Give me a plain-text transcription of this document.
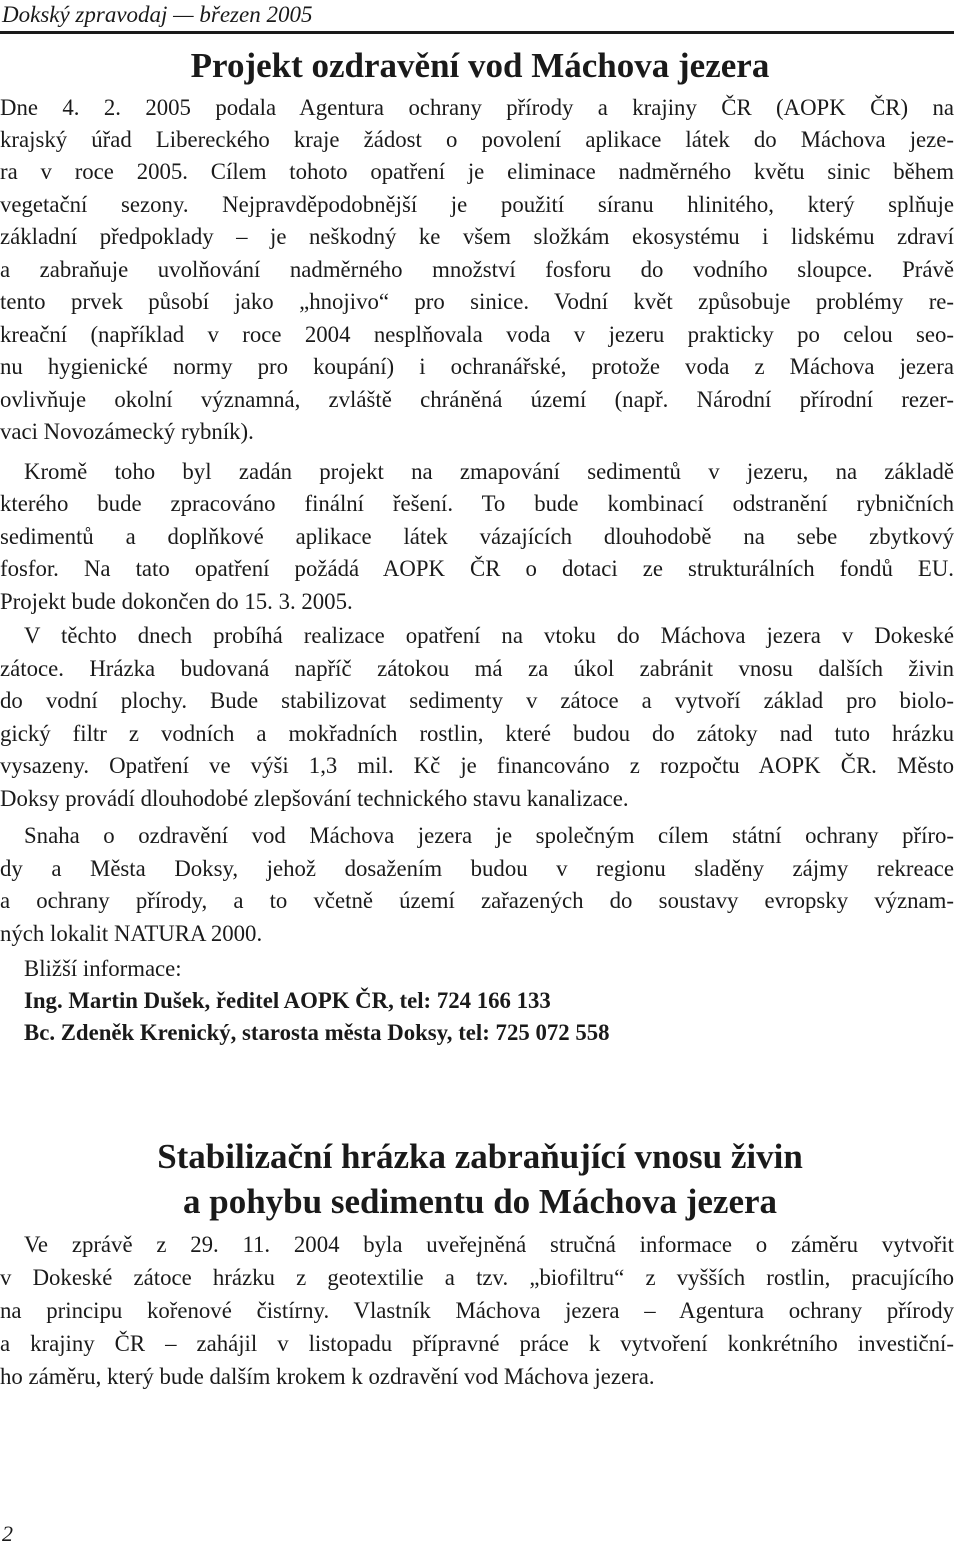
Dokský zpravodaj — březen 2005
Projekt ozdravění vod Máchova jezera
Dne 4. 2. 2005 podala Agentura ochrany přírody a krajiny ČR (AOPK ČR) na
krajský úřad Libereckého kraje žádost o povolení aplikace látek do Máchova jeze-
ra v roce 2005. Cílem tohoto opatření je eliminace nadměrného květu sinic během
vegetační sezony. Nejpravděpodobnější je použití síranu hlinitého, který splňuje
základní předpoklady – je neškodný ke všem složkám ekosystému i lidskému zdraví
a zabraňuje uvolňování nadměrného množství fosforu do vodního sloupce. Právě
tento prvek působí jako „hnojivo“ pro sinice. Vodní květ způsobuje problémy re-
kreační (například v roce 2004 nesplňovala voda v jezeru prakticky po celou seo-
nu hygienické normy pro koupání) i ochranářské, protože voda z Máchova jezera
ovlivňuje okolní významná, zvláště chráněná území (např. Národní přírodní rezer-
vaci Novozámecký rybník).
Kromě toho byl zadán projekt na zmapování sedimentů v jezeru, na základě
kterého bude zpracováno finální řešení. To bude kombinací odstranění rybničních
sedimentů a doplňkové aplikace látek vázajících dlouhodobě na sebe zbytkový
fosfor. Na tato opatření požádá AOPK ČR o dotaci ze strukturálních fondů EU.
Projekt bude dokončen do 15. 3. 2005.
V těchto dnech probíhá realizace opatření na vtoku do Máchova jezera v Dokeské
zátoce. Hrázka budovaná napříč zátokou má za úkol zabránit vnosu dalších živin
do vodní plochy. Bude stabilizovat sedimenty v zátoce a vytvoří základ pro biolo-
gický filtr z vodních a mokřadních rostlin, které budou do zátoky nad tuto hrázku
vysazeny. Opatření ve výši 1,3 mil. Kč je financováno z rozpočtu AOPK ČR. Město
Doksy provádí dlouhodobé zlepšování technického stavu kanalizace.
Snaha o ozdravění vod Máchova jezera je společným cílem státní ochrany příro-
dy a Města Doksy, jehož dosažením budou v regionu sladěny zájmy rekreace
a ochrany přírody, a to včetně území zařazených do soustavy evropsky význam-
ných lokalit NATURA 2000.
Bližší informace:
Ing. Martin Dušek, ředitel AOPK ČR, tel: 724 166 133
Bc. Zdeněk Krenický, starosta města Doksy, tel: 725 072 558
Stabilizační hrázka zabraňující vnosu živin
a pohybu sedimentu do Máchova jezera
Ve zprávě z 29. 11. 2004 byla uveřejněná stručná informace o záměru vytvořit
v Dokeské zátoce hrázku z geotextilie a tzv. „biofiltru“ z vyšších rostlin, pracujícího
na principu kořenové čistírny. Vlastník Máchova jezera – Agentura ochrany přírody
a krajiny ČR – zahájil v listopadu přípravné práce k vytvoření konkrétního investiční-
ho záměru, který bude dalším krokem k ozdravění vod Máchova jezera.
2
